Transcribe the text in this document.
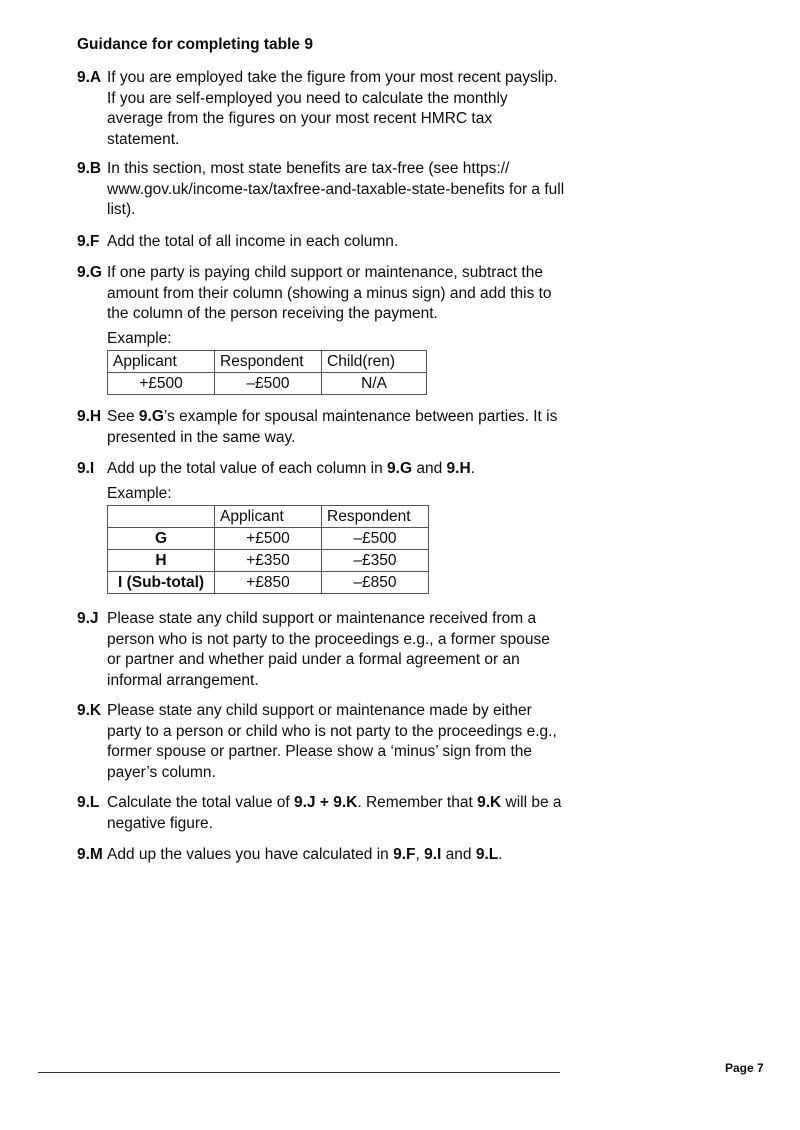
Guidance for completing table 9
9.A If you are employed take the figure from your most recent payslip. If you are self-employed you need to calculate the monthly average from the figures on your most recent HMRC tax statement.
9.B In this section, most state benefits are tax-free (see https:// www.gov.uk/income-tax/taxfree-and-taxable-state-benefits for a full list).
9.F Add the total of all income in each column.
9.G If one party is paying child support or maintenance, subtract the amount from their column (showing a minus sign) and add this to the column of the person receiving the payment.
Example:
Applicant	Respondent	Child(ren)
+£500	–£500	N/A
9.H See 9.G’s example for spousal maintenance between parties. It is presented in the same way.
9.I Add up the total value of each column in 9.G and 9.H.
Example:
	Applicant	Respondent
G	+£500	–£500
H	+£350	–£350
I (Sub-total)	+£850	–£850
9.J Please state any child support or maintenance received from a person who is not party to the proceedings e.g., a former spouse or partner and whether paid under a formal agreement or an informal arrangement.
9.K Please state any child support or maintenance made by either party to a person or child who is not party to the proceedings e.g., former spouse or partner. Please show a ‘minus’ sign from the payer’s column.
9.L Calculate the total value of 9.J + 9.K. Remember that 9.K will be a negative figure.
9.M Add up the values you have calculated in 9.F, 9.I and 9.L.
Page 7
